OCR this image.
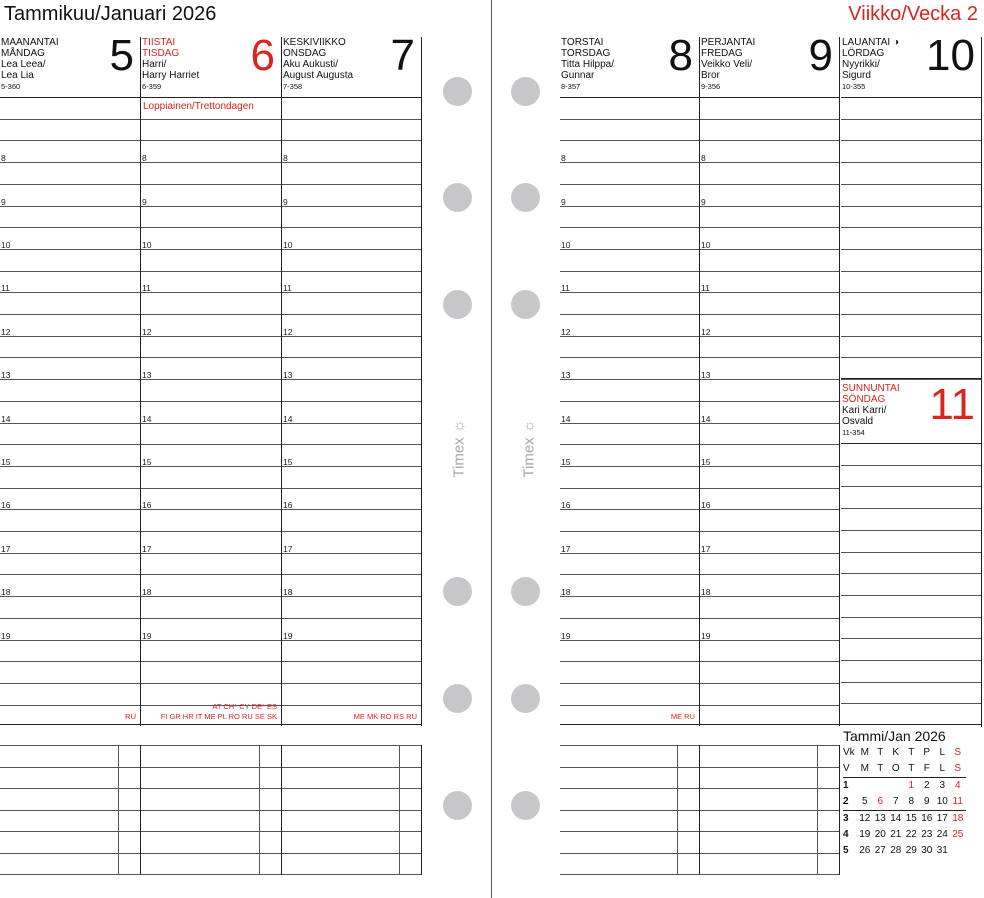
Tammikuu/Januari 2026	Viikko/Vecka 2
MAANANTAI
MÅNDAG
Lea Leea/
Lea Lia
5-360
5
8
9
10
11
12
13
14
15
16
17
18
19
TIISTAI
TISDAG
Harri/
Harry Harriet
6-359
6
Loppiainen/Trettondagen
8
9
10
11
12
13
14
15
16
17
18
19
KESKIVIIKKO
ONSDAG
Aku Aukusti/
August Augusta
7-358
7
8
9
10
11
12
13
14
15
16
17
18
19
TORSTAI
TORSDAG
Titta Hilppa/
Gunnar
8-357
8
8
9
10
11
12
13
14
15
16
17
18
19
PERJANTAI
FREDAG
Veikko Veli/
Bror
9-356
9
8
9
10
11
12
13
14
15
16
17
18
19
LAUANTAI ◑
LÖRDAG
Nyyrikki/
Sigurd
10-355
10
SUNNUNTAI
SÖNDAG
Kari Karri/
Osvald
11-354
11
RU
AT CH* CY DE* ES
FI GR HR IT ME PL RO RU SE SK	ME MK RO RS RU	ME RU
Timex ☼
Timex ☼
Tammi/Jan 2026
Vk	M	T	K	T	P	L	S
V	M	T	O	T	F	L	S
1				1	2	3	4
2	5	6	7	8	9	10	11
3	12	13	14	15	16	17	18
4	19	20	21	22	23	24	25
5	26	27	28	29	30	31	
